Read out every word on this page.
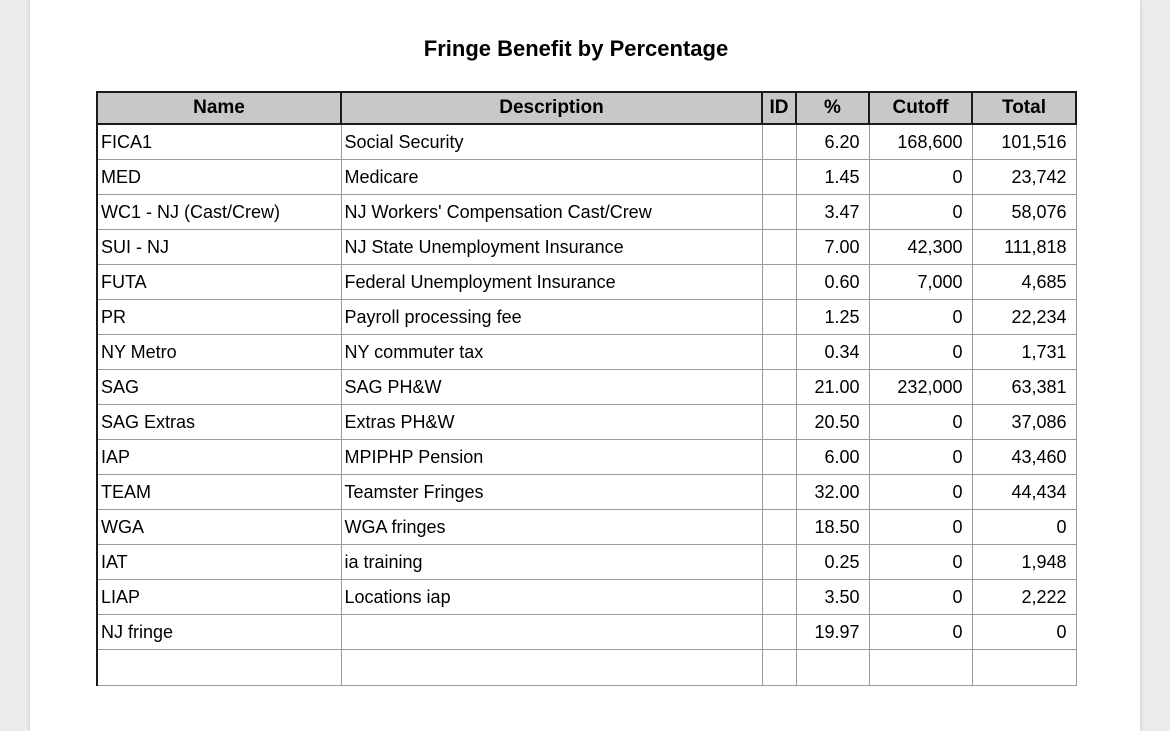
Fringe Benefit by Percentage
Name	Description	ID	%	Cutoff	Total
FICA1	Social Security		6.20	168,600	101,516
MED	Medicare		1.45	0	23,742
WC1 - NJ (Cast/Crew)	NJ Workers' Compensation Cast/Crew		3.47	0	58,076
SUI - NJ	NJ State Unemployment Insurance		7.00	42,300	111,818
FUTA	Federal Unemployment Insurance		0.60	7,000	4,685
PR	Payroll processing fee		1.25	0	22,234
NY Metro	NY commuter tax		0.34	0	1,731
SAG	SAG PH&W		21.00	232,000	63,381
SAG Extras	Extras PH&W		20.50	0	37,086
IAP	MPIPHP Pension		6.00	0	43,460
TEAM	Teamster Fringes		32.00	0	44,434
WGA	WGA fringes		18.50	0	0
IAT	ia training		0.25	0	1,948
LIAP	Locations iap		3.50	0	2,222
NJ fringe			19.97	0	0
